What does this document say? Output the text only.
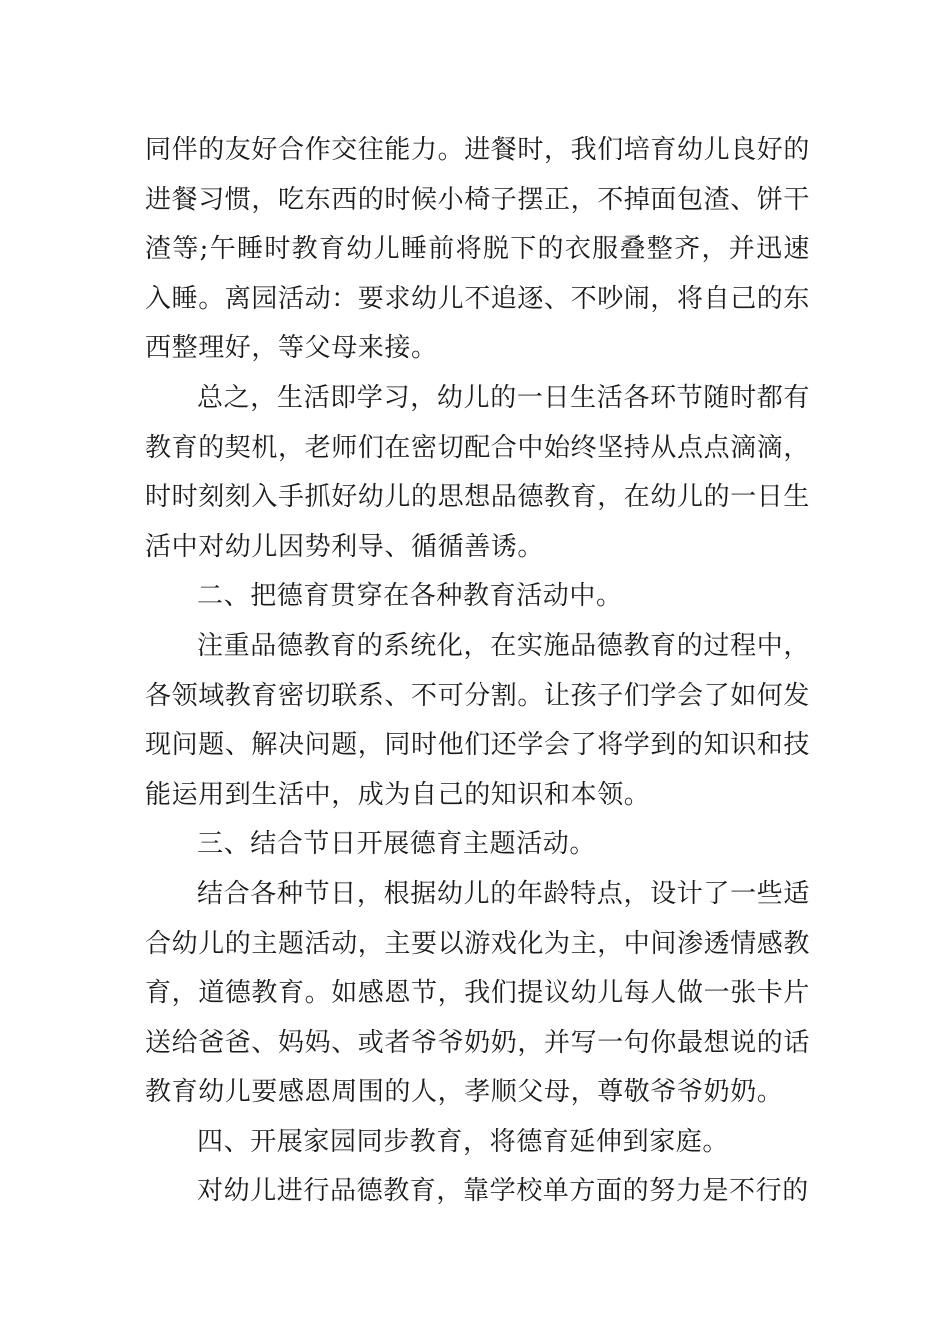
同伴的友好合作交往能力。进餐时，我们培育幼儿良好的进餐习惯，吃东西的时候小椅子摆正，不掉面包渣、饼干渣等;午睡时教育幼儿睡前将脱下的衣服叠整齐，并迅速入睡。离园活动：要求幼儿不追逐、不吵闹，将自己的东西整理好，等父母来接。

总之，生活即学习，幼儿的一日生活各环节随时都有教育的契机，老师们在密切配合中始终坚持从点点滴滴，时时刻刻入手抓好幼儿的思想品德教育，在幼儿的一日生活中对幼儿因势利导、循循善诱。

二、把德育贯穿在各种教育活动中。

注重品德教育的系统化，在实施品德教育的过程中，各领域教育密切联系、不可分割。让孩子们学会了如何发现问题、解决问题，同时他们还学会了将学到的知识和技能运用到生活中，成为自己的知识和本领。

三、结合节日开展德育主题活动。

结合各种节日，根据幼儿的年龄特点，设计了一些适合幼儿的主题活动，主要以游戏化为主，中间渗透情感教育，道德教育。如感恩节，我们提议幼儿每人做一张卡片送给爸爸、妈妈、或者爷爷奶奶，并写一句你最想说的话教育幼儿要感恩周围的人，孝顺父母，尊敬爷爷奶奶。

四、开展家园同步教育，将德育延伸到家庭。

对幼儿进行品德教育，靠学校单方面的努力是不行的
